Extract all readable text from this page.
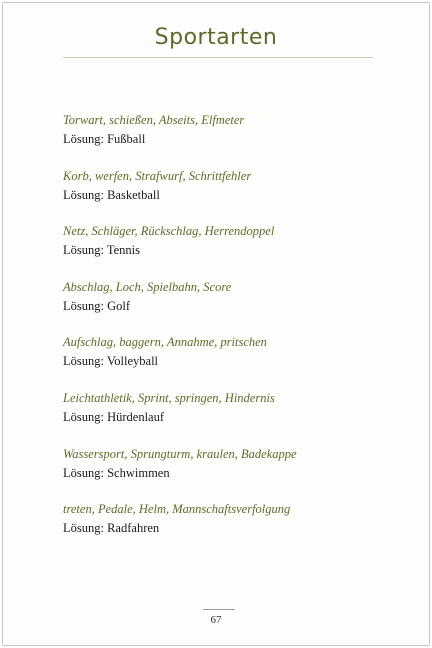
Sportarten
Torwart, schießen, Abseits, Elfmeter
Lösung: Fußball
Korb, werfen, Strafwurf, Schrittfehler
Lösung: Basketball
Netz, Schläger, Rückschlag, Herrendoppel
Lösung: Tennis
Abschlag, Loch, Spielbahn, Score
Lösung: Golf
Aufschlag, baggern, Annahme, pritschen
Lösung: Volleyball
Leichtathletik, Sprint, springen, Hindernis
Lösung: Hürdenlauf
Wassersport, Sprungturm, kraulen, Badekappe
Lösung: Schwimmen
treten, Pedale, Helm, Mannschaftsverfolgung
Lösung: Radfahren
67
